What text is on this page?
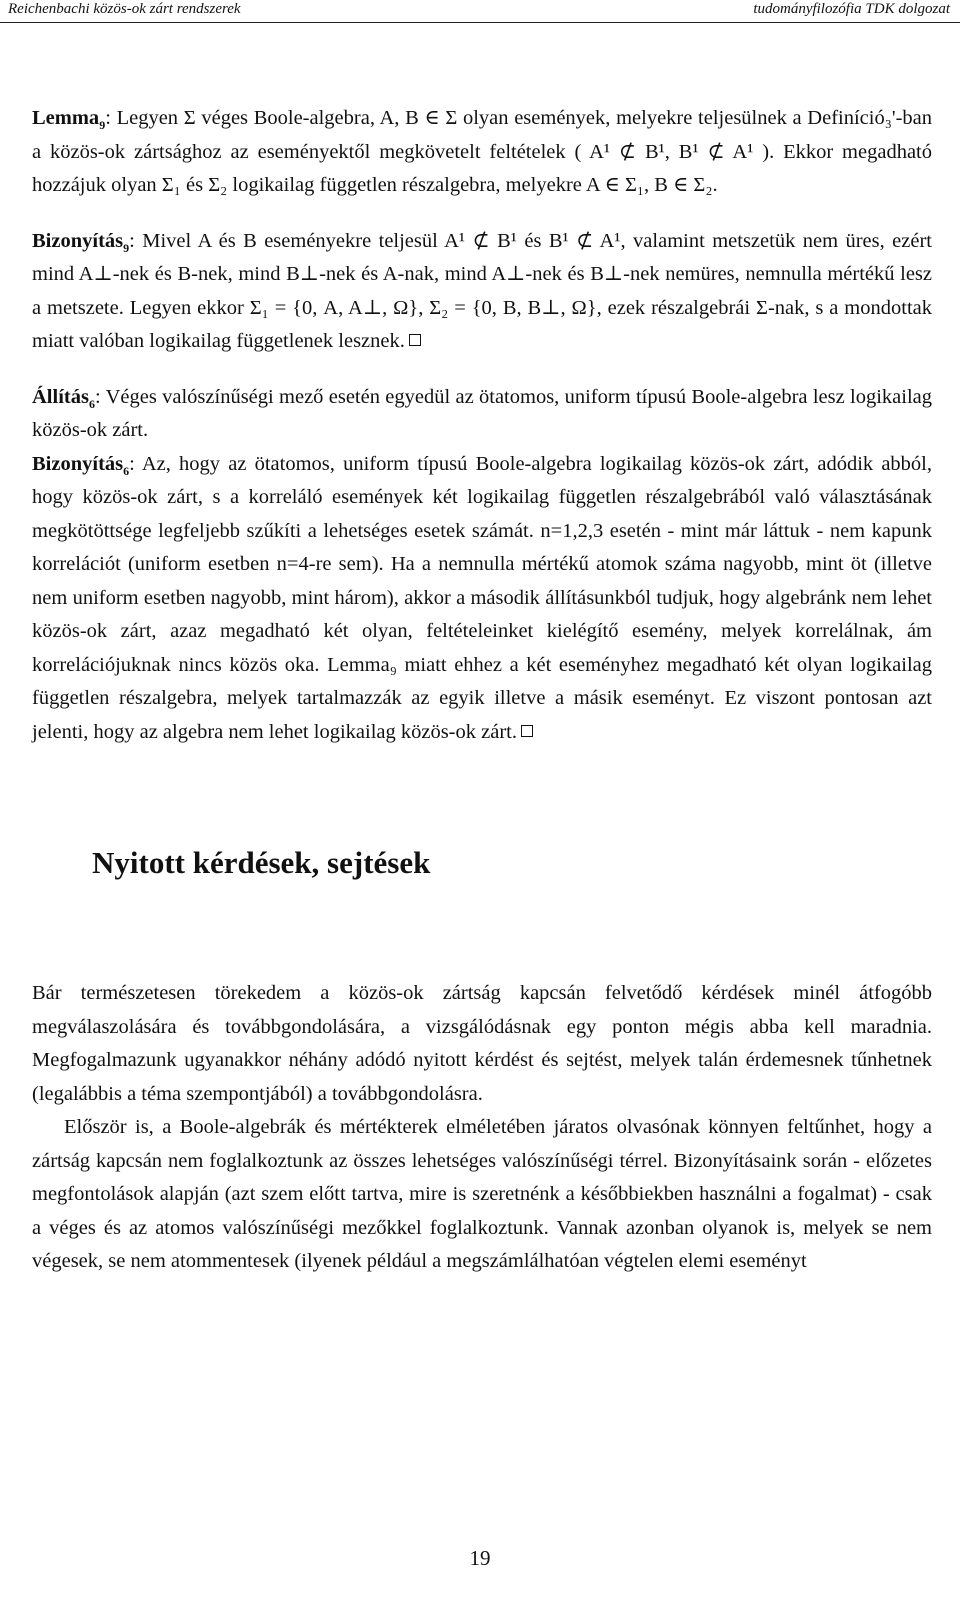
Reichenbachi közös-ok zárt rendszerek	tudományfilozófia TDK dolgozat

Lemma$_9$: Legyen Σ véges Boole-algebra, A, B ∈ Σ olyan események, melyekre teljesülnek a Definíció₃'-ban a közös-ok zártsághoz az eseményektől megkövetelt feltételek ( A¹ ⊄ B¹, B¹ ⊄ A¹ ). Ekkor megadható hozzájuk olyan Σ₁ és Σ₂ logikailag független részalgebra, melyekre A ∈ Σ₁, B ∈ Σ₂.

Bizonyítás$_9$: Mivel A és B eseményekre teljesül A¹ ⊄ B¹ és B¹ ⊄ A¹, valamint metszetük nem üres, ezért mind A⊥-nek és B-nek, mind B⊥-nek és A-nak, mind A⊥-nek és B⊥-nek nemüres, nemnulla mértékű lesz a metszete. Legyen ekkor Σ₁ = {0, A, A⊥, Ω}, Σ₂ = {0, B, B⊥, Ω}, ezek részalgebrái Σ-nak, s a mondottak miatt valóban logikailag függetlenek lesznek.

Állítás$_6$: Véges valószínűségi mező esetén egyedül az ötatomos, uniform típusú Boole-algebra lesz logikailag közös-ok zárt.

Bizonyítás$_6$: Az, hogy az ötatomos, uniform típusú Boole-algebra logikailag közös-ok zárt, adódik abból, hogy közös-ok zárt, s a korreláló események két logikailag független részalgebrából való választásának megkötöttsége legfeljebb szűkíti a lehetséges esetek számát. n=1,2,3 esetén - mint már láttuk - nem kapunk korrelációt (uniform esetben n=4-re sem). Ha a nemnulla mértékű atomok száma nagyobb, mint öt (illetve nem uniform esetben nagyobb, mint három), akkor a második állításunkból tudjuk, hogy algebránk nem lehet közös-ok zárt, azaz megadható két olyan, feltételeinket kielégítő esemény, melyek korrelálnak, ám korrelációjuknak nincs közös oka. Lemma₉ miatt ehhez a két eseményhez megadható két olyan logikailag független részalgebra, melyek tartalmazzák az egyik illetve a másik eseményt. Ez viszont pontosan azt jelenti, hogy az algebra nem lehet logikailag közös-ok zárt.

Nyitott kérdések, sejtések

Bár természetesen törekedem a közös-ok zártság kapcsán felvetődő kérdések minél átfogóbb megválaszolására és továbbgondolására, a vizsgálódásnak egy ponton mégis abba kell maradnia. Megfogalmazunk ugyanakkor néhány adódó nyitott kérdést és sejtést, melyek talán érdemesnek tűnhetnek (legalábbis a téma szempontjából) a továbbgondolásra.

Először is, a Boole-algebrák és mértékterek elméletében járatos olvasónak könnyen feltűnhet, hogy a zártság kapcsán nem foglalkoztunk az összes lehetséges valószínűségi térrel. Bizonyításaink során - előzetes megfontolások alapján (azt szem előtt tartva, mire is szeretnénk a későbbiekben használni a fogalmat) - csak a véges és az atomos valószínűségi mezőkkel foglalkoztunk. Vannak azonban olyanok is, melyek se nem végesek, se nem atommentesek (ilyenek például a megszámlálhatóan végtelen elemi eseményt

19
